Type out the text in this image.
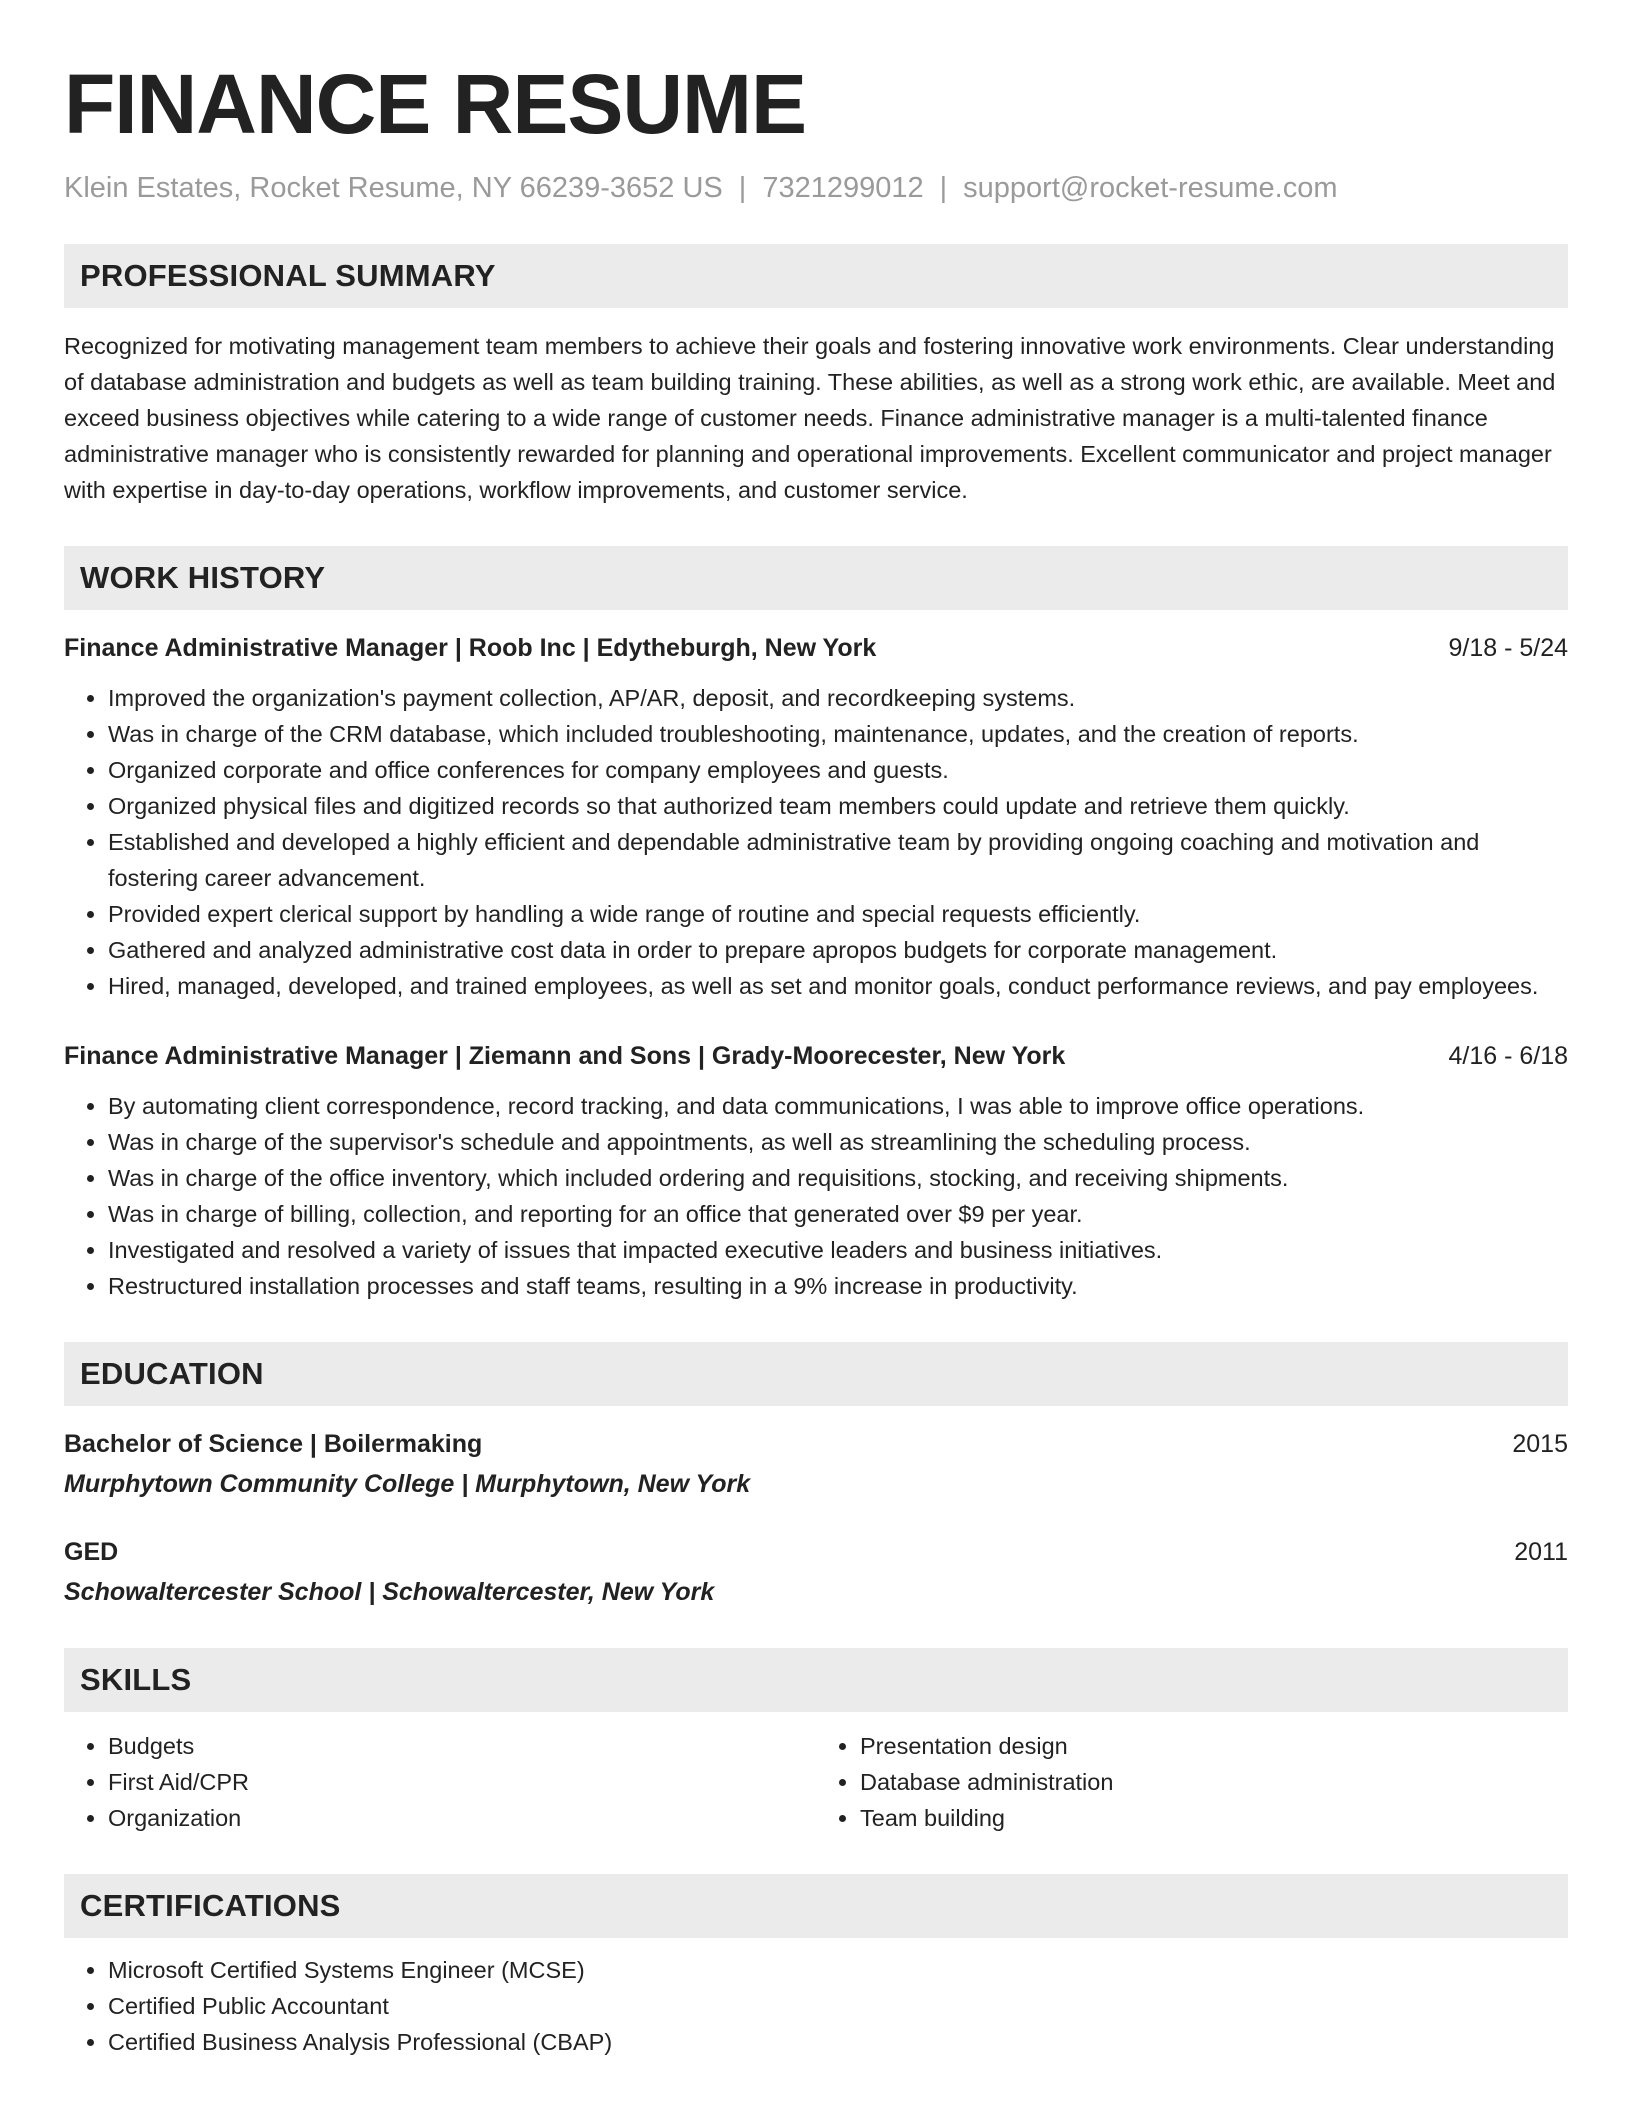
FINANCE RESUME
Klein Estates, Rocket Resume, NY 66239-3652 US | 7321299012 | support@rocket-resume.com
PROFESSIONAL SUMMARY

Recognized for motivating management team members to achieve their goals and fostering innovative work environments. Clear understanding of database administration and budgets as well as team building training. These abilities, as well as a strong work ethic, are available. Meet and exceed business objectives while catering to a wide range of customer needs. Finance administrative manager is a multi-talented finance administrative manager who is consistently rewarded for planning and operational improvements. Excellent communicator and project manager with expertise in day-to-day operations, workflow improvements, and customer service.

WORK HISTORY
Finance Administrative Manager | Roob Inc | Edytheburgh, New York	9/18 - 5/24
• Improved the organization's payment collection, AP/AR, deposit, and recordkeeping systems.
• Was in charge of the CRM database, which included troubleshooting, maintenance, updates, and the creation of reports.
• Organized corporate and office conferences for company employees and guests.
• Organized physical files and digitized records so that authorized team members could update and retrieve them quickly.
• Established and developed a highly efficient and dependable administrative team by providing ongoing coaching and motivation and fostering career advancement.
• Provided expert clerical support by handling a wide range of routine and special requests efficiently.
• Gathered and analyzed administrative cost data in order to prepare apropos budgets for corporate management.
• Hired, managed, developed, and trained employees, as well as set and monitor goals, conduct performance reviews, and pay employees.
Finance Administrative Manager | Ziemann and Sons | Grady-Moorecester, New York	4/16 - 6/18
• By automating client correspondence, record tracking, and data communications, I was able to improve office operations.
• Was in charge of the supervisor's schedule and appointments, as well as streamlining the scheduling process.
• Was in charge of the office inventory, which included ordering and requisitions, stocking, and receiving shipments.
• Was in charge of billing, collection, and reporting for an office that generated over $9 per year.
• Investigated and resolved a variety of issues that impacted executive leaders and business initiatives.
• Restructured installation processes and staff teams, resulting in a 9% increase in productivity.
EDUCATION
Bachelor of Science | Boilermaking	2015
Murphytown Community College | Murphytown, New York
GED	2011
Schowaltercester School | Schowaltercester, New York
SKILLS
• Budgets
• First Aid/CPR
• Organization
• Presentation design
• Database administration
• Team building
CERTIFICATIONS
• Microsoft Certified Systems Engineer (MCSE)
• Certified Public Accountant
• Certified Business Analysis Professional (CBAP)
